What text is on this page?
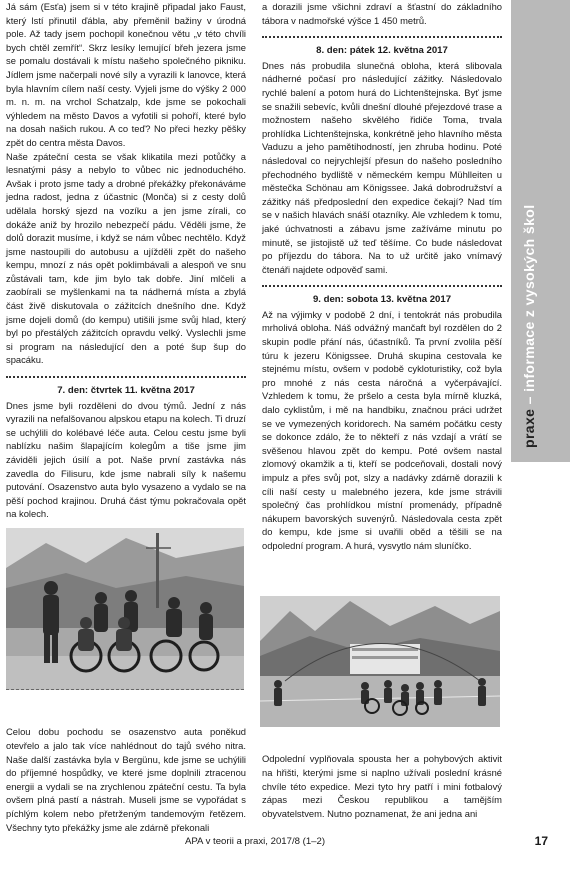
Já sám (Esťa) jsem si v této krajině připadal jako Faust, který lstí přinutil ďábla, aby přeměnil bažiny v úrodná pole. Až tady jsem pochopil konečnou větu „v této chvíli bych chtěl zemřít“. Skrz lesíky lemující břeh jezera jsme se pomalu dostávali k místu našeho společného pikniku. Jídlem jsme načerpali nové síly a vyrazili k lanovce, která byla hlavním cílem naší cesty. Vyjeli jsme do výšky 2 000 m. n. m. na vrchol Schatzalp, kde jsme se pokochali výhledem na město Davos a vyfotili si pohoří, které bylo na dosah našich rukou. A co teď? No přeci hezky pěšky zpět do centra města Davos.

Naše zpáteční cesta se však klikatila mezi potůčky a lesnatými pásy a nebylo to vůbec nic jednoduchého. Avšak i proto jsme tady a drobné překážky překonáváme jedna radost, jedna z účastnic (Monča) si z cesty dolů udělala horský sjezd na vozíku a jen jsme zírali, co dokáže aniž by hrozilo nebezpečí pádu. Věděli jsme, že dolů dorazit musíme, i když se nám vůbec nechtělo. Když jsme nastoupili do autobusu a ujížděli zpět do našeho kempu, mnozí z nás opět poklimbávali a alespoň ve snu zůstávali tam, kde jim bylo tak dobře. Jiní mlčeli a zaobírali se myšlenkami na ta nádherná místa a zbylá část živě diskutovala o zážitcích dnešního dne. Když jsme dojeli domů (do kempu) utišili jsme svůj hlad, který byl po přestálých zážitcích opravdu velký. Vyslechli jsme si program na následující den a poté šup šup do spacáku.

7. den: čtvrtek 11. května 2017

Dnes jsme byli rozděleni do dvou týmů. Jední z nás vyrazili na nefalšovanou alpskou etapu na kolech. Ti druzí se uchýlili do kolébavé léče auta. Celou cestu jsme byli nablízku našim šlapajícím kolegům a tiše jsme jim záviděli jejich úsilí a pot. Naše první zastávka nás zavedla do Filisuru, kde jsme nabrali síly k našemu putování. Osazenstvo auta bylo vysazeno a vydalo se na pěší pochod krajinou. Druhá část týmu pokračovala opět na kolech.

Celou dobu pochodu se osazenstvo auta poněkud otevřelo a jalo tak více nahlédnout do tajů svého nitra. Naše další zastávka byla v Bergünu, kde jsme se uchýlili do příjemné hospůdky, ve které jsme doplnili ztracenou energii a vydali se na zrychlenou zpáteční cestu. Ta byla ovšem plná pastí a nástrah. Museli jsme se vypořádat s píchlým kolem nebo přetrženým tandemovým řetězem. Všechny tyto překážky jsme ale zdárně překonali

a dorazili jsme všichni zdraví a šťastní do základního tábora v nadmořské výšce 1 450 metrů.

8. den: pátek 12. května 2017

Dnes nás probudila slunečná obloha, která slibovala nádherné počasí pro následující zážitky. Následovalo rychlé balení a potom hurá do Lichtenštejnska. Byť jsme se snažili sebevíc, kvůli dnešní dlouhé přejezdové trase a možnostem našeho skvělého řidiče Toma, trvala prohlídka Lichtenštejnska, konkrétně jeho hlavního města Vaduzu a jeho pamětihodností, jen zhruba hodinu. Poté následoval co nejrychlejší přesun do našeho posledního přechodného bydliště v německém kempu Mühlleiten u městečka Schönau am Königssee. Jaká dobrodružství a zážitky náš předposlední den expedice čekají? Nad tím se v našich hlavách snáší otazníky. Ale vzhledem k tomu, jaké úchvatnosti a zábavu jsme zažíváme minutu po minutě, se jistojistě už teď těšíme. Co bude následovat po příjezdu do tábora. Na to už určitě jako vnímavý čtenáři najdete odpověď sami.

9. den: sobota 13. května 2017

Až na výjimky v podobě 2 dní, i tentokrát nás probudila mrholivá obloha. Náš odvážný mančaft byl rozdělen do 2 skupin podle přání nás, účastníků. Ta první zvolila pěší túru k jezeru Königssee. Druhá skupina cestovala ke stejnému místu, ovšem v podobě cykloturistiky, což byla pro mnohé z nás cesta náročná a vyčerpávající. Vzhledem k tomu, že pršelo a cesta byla mírně kluzká, dalo cyklistům, i mě na handbiku, značnou práci udržet se ve vymezených koridorech. Na samém počátku cesty se dokonce zdálo, že to někteří z nás vzdají a vrátí se svěšenou hlavou zpět do kempu. Poté ovšem nastal zlomový okamžik a ti, kteří se podceňovali, dostali nový impulz a přes svůj pot, slzy a nadávky zdárně dorazili k cíli naší cesty u malebného jezera, kde jsme strávili společný čas prohlídkou místní promenády, případně nákupem bavorských suvenýrů. Následovala cesta zpět do kempu, kde jsme si uvařili oběd a těšili se na odpolední program. A hurá, vysvytlo nám sluníčko.

Odpolední vyplňovala spousta her a pohybových aktivit na hřišti, kterými jsme si naplno užívali poslední krásné chvíle této expedice. Mezi tyto hry patří i mini fotbalový zápas mezi Českou republikou a tamějším obyvatelstvem. Nutno poznamenat, že ani jedna ani

praxe – informace z vysokých škol
APA v teorii a praxi, 2017/8 (1–2)	17
